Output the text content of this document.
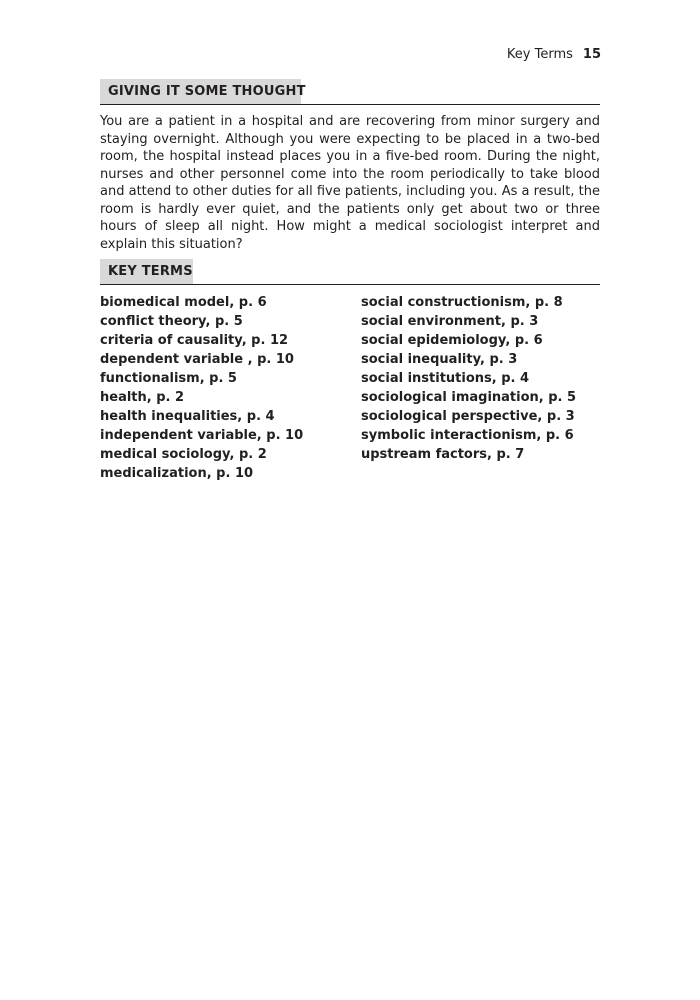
Key Terms 15
GIVING IT SOME THOUGHT

You are a patient in a hospital and are recovering from minor surgery and staying overnight. Although you were expecting to be placed in a two-bed room, the hospital instead places you in a five-bed room. During the night, nurses and other personnel come into the room periodically to take blood and attend to other duties for all five patients, including you. As a result, the room is hardly ever quiet, and the patients only get about two or three hours of sleep all night. How might a medical sociologist interpret and explain this situation?

KEY TERMS
biomedical model, p. 6
conflict theory, p. 5
criteria of causality, p. 12
dependent variable , p. 10
functionalism, p. 5
health, p. 2
health inequalities, p. 4
independent variable, p. 10
medical sociology, p. 2
medicalization, p. 10
social constructionism, p. 8
social environment, p. 3
social epidemiology, p. 6
social inequality, p. 3
social institutions, p. 4
sociological imagination, p. 5
sociological perspective, p. 3
symbolic interactionism, p. 6
upstream factors, p. 7
